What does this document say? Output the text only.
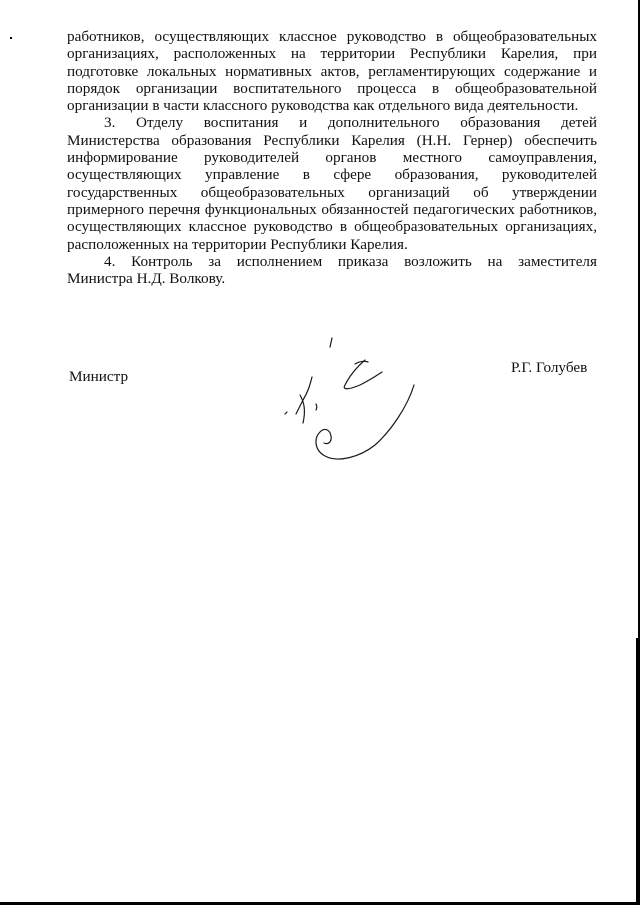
работников, осуществляющих классное руководство в общеобразовательных
организациях, расположенных на территории Республики Карелия, при
подготовке локальных нормативных актов, регламентирующих содержание и
порядок организации воспитательного процесса в общеобразовательной
организации в части классного руководства как отдельного вида деятельности.

3. Отделу воспитания и дополнительного образования детей
Министерства образования Республики Карелия (Н.Н. Гернер) обеспечить
информирование руководителей органов местного самоуправления,
осуществляющих управление в сфере образования, руководителей
государственных общеобразовательных организаций об утверждении
примерного перечня функциональных обязанностей педагогических работников,
осуществляющих классное руководство в общеобразовательных организациях,
расположенных на территории Республики Карелия.

4. Контроль за исполнением приказа возложить на заместителя
Министра Н.Д. Волкову.

Министр
Р.Г. Голубев
